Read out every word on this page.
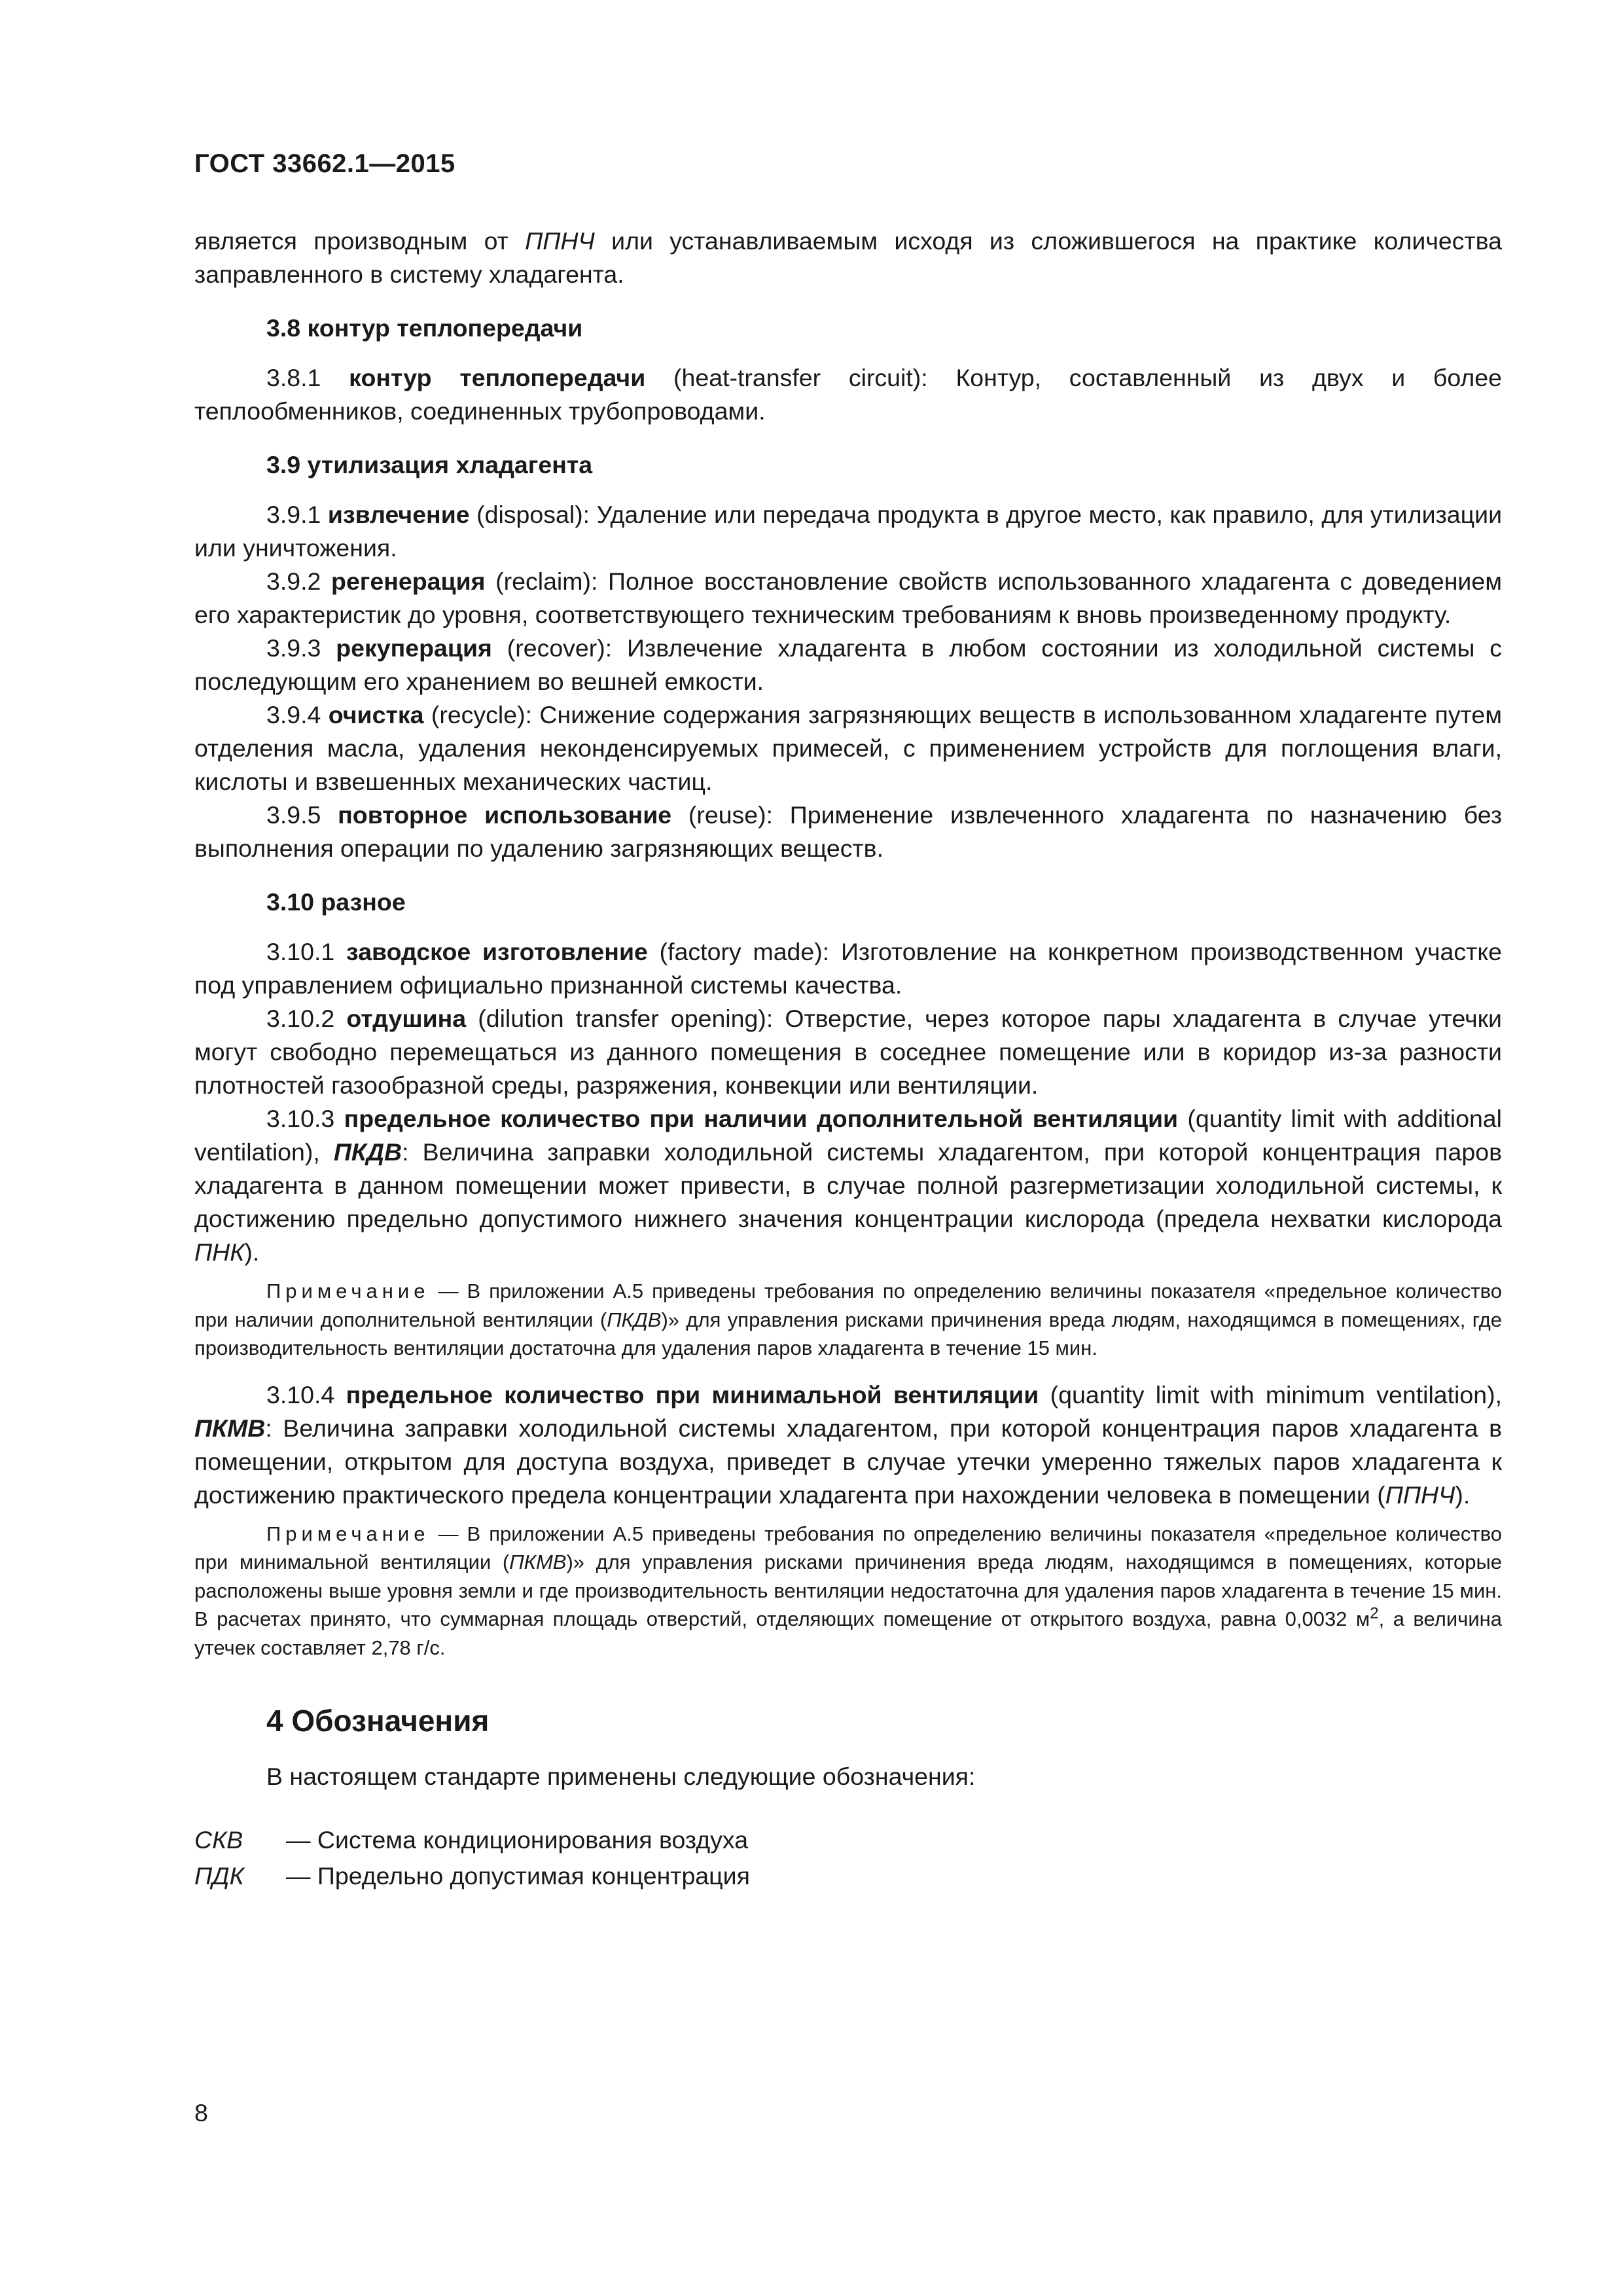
ГОСТ 33662.1—2015

является производным от ППНЧ или устанавливаемым исходя из сложившегося на практике количества заправленного в систему хладагента.

3.8 контур теплопередачи

3.8.1 контур теплопередачи (heat-transfer circuit): Контур, составленный из двух и более теплообменников, соединенных трубопроводами.

3.9 утилизация хладагента

3.9.1 извлечение (disposal): Удаление или передача продукта в другое место, как правило, для утилизации или уничтожения.

3.9.2 регенерация (reclaim): Полное восстановление свойств использованного хладагента с доведением его характеристик до уровня, соответствующего техническим требованиям к вновь произведенному продукту.

3.9.3 рекуперация (recover): Извлечение хладагента в любом состоянии из холодильной системы с последующим его хранением во вешней емкости.

3.9.4 очистка (recycle): Снижение содержания загрязняющих веществ в использованном хладагенте путем отделения масла, удаления неконденсируемых примесей, с применением устройств для поглощения влаги, кислоты и взвешенных механических частиц.

3.9.5 повторное использование (reuse): Применение извлеченного хладагента по назначению без выполнения операции по удалению загрязняющих веществ.

3.10 разное

3.10.1 заводское изготовление (factory made): Изготовление на конкретном производственном участке под управлением официально признанной системы качества.

3.10.2 отдушина (dilution transfer opening): Отверстие, через которое пары хладагента в случае утечки могут свободно перемещаться из данного помещения в соседнее помещение или в коридор из-за разности плотностей газообразной среды, разряжения, конвекции или вентиляции.

3.10.3 предельное количество при наличии дополнительной вентиляции (quantity limit with additional ventilation), ПКДВ: Величина заправки холодильной системы хладагентом, при которой концентрация паров хладагента в данном помещении может привести, в случае полной разгерметизации холодильной системы, к достижению предельно допустимого нижнего значения концентрации кислорода (предела нехватки кислорода ПНК).

Примечание — В приложении А.5 приведены требования по определению величины показателя «предельное количество при наличии дополнительной вентиляции (ПКДВ)» для управления рисками причинения вреда людям, находящимся в помещениях, где производительность вентиляции достаточна для удаления паров хладагента в течение 15 мин.

3.10.4 предельное количество при минимальной вентиляции (quantity limit with minimum ventilation), ПКМВ: Величина заправки холодильной системы хладагентом, при которой концентрация паров хладагента в помещении, открытом для доступа воздуха, приведет в случае утечки умеренно тяжелых паров хладагента к достижению практического предела концентрации хладагента при нахождении человека в помещении (ППНЧ).

Примечание — В приложении А.5 приведены требования по определению величины показателя «предельное количество при минимальной вентиляции (ПКМВ)» для управления рисками причинения вреда людям, находящимся в помещениях, которые расположены выше уровня земли и где производительность вентиляции недостаточна для удаления паров хладагента в течение 15 мин. В расчетах принято, что суммарная площадь отверстий, отделяющих помещение от открытого воздуха, равна 0,0032 $м^2$, а величина утечек составляет 2,78 г/с.

4 Обозначения

В настоящем стандарте применены следующие обозначения:

СКВ	— Система кондиционирования воздуха
ПДК	— Предельно допустимая концентрация
8
